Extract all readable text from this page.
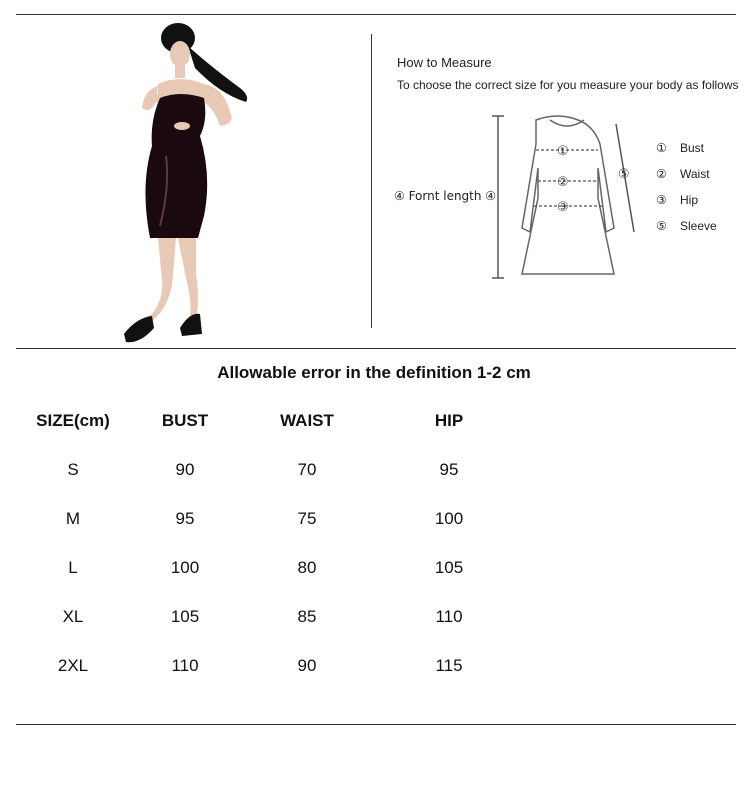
How to Measure
To choose the correct size for you measure your body as follows
④ Fornt length ④
①
②
③
⑤
① Bust
② Waist
③ Hip
⑤ Sleeve
Allowable error in the definition 1-2 cm
SIZE(cm)	BUST	WAIST	HIP
S	90	70	95
M	95	75	100
L	100	80	105
XL	105	85	110
2XL	110	90	115
